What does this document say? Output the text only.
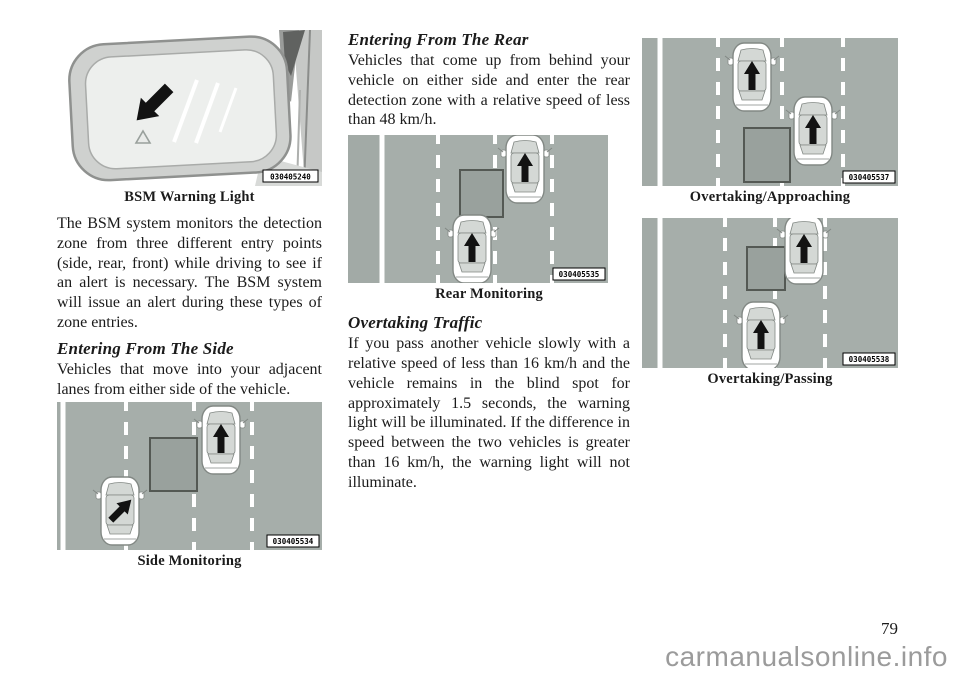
030405240
BSM Warning Light

The BSM system monitors the detection zone from three different entry points (side, rear, front) while driving to see if an alert is necessary. The BSM system will issue an alert during these types of zone entries.

Entering From The Side

Vehicles that move into your adjacent lanes from either side of the vehicle.

030405534
Side Monitoring
Entering From The Rear

Vehicles that come up from behind your vehicle on either side and enter the rear detection zone with a relative speed of less than 48 km/h.

030405535
Rear Monitoring
Overtaking Traffic

If you pass another vehicle slowly with a relative speed of less than 16 km/h and the vehicle remains in the blind spot for approximately 1.5 seconds, the warning light will be illuminated. If the difference in speed between the two vehicles is greater than 16 km/h, the warning light will not illuminate.

030405537
Overtaking/Approaching
030405538
Overtaking/Passing
79
carmanualsonline.info
